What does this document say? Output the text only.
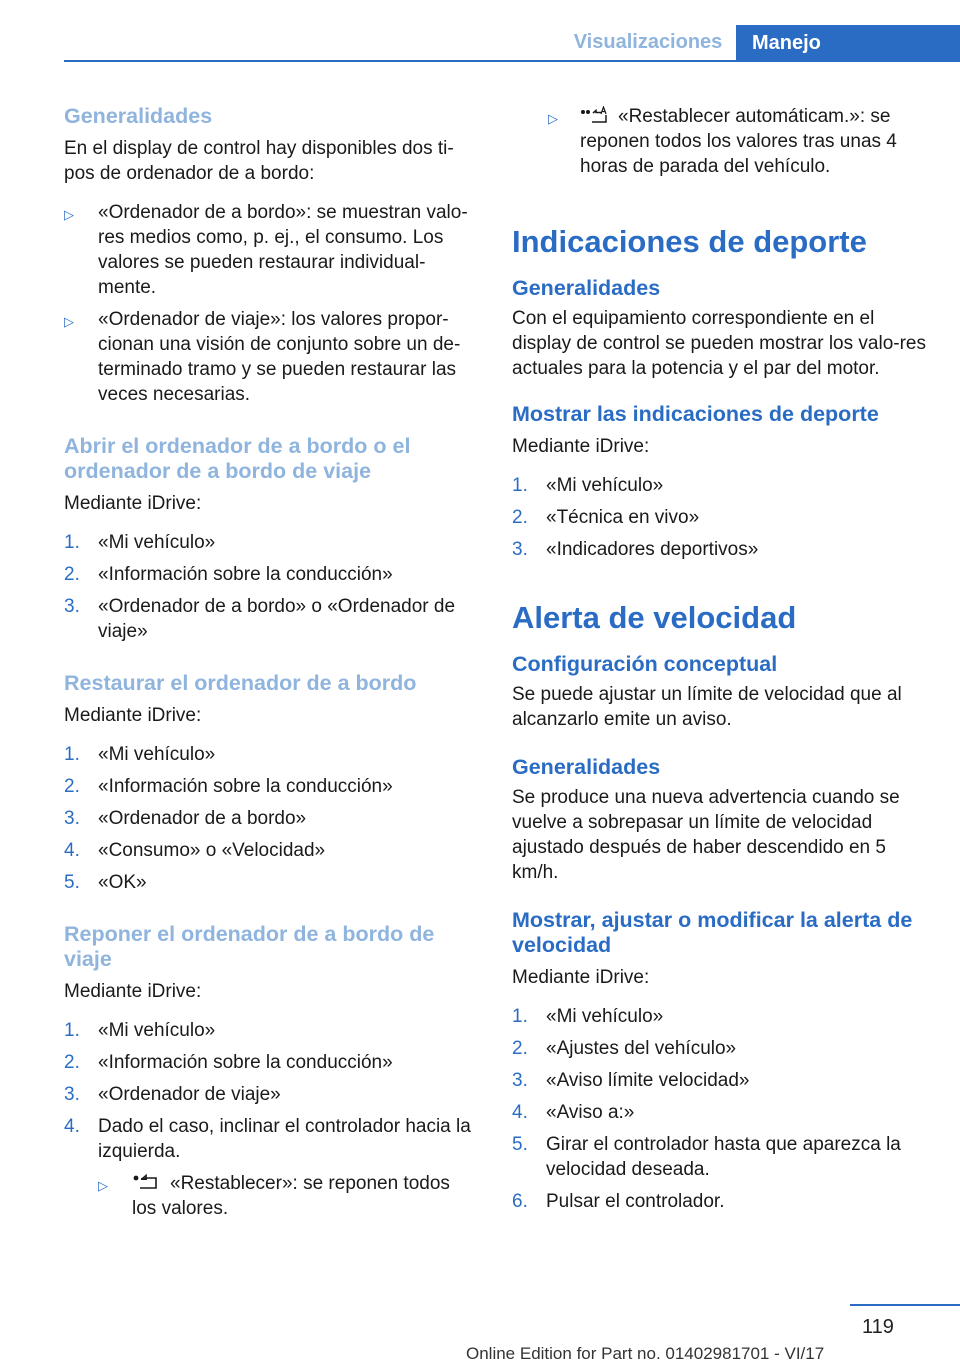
Visualizaciones	Manejo

Generalidades

En el display de control hay disponibles dos ti-pos de ordenador de a bordo:

▷	«Ordenador de a bordo»: se muestran valo-res medios como, p. ej., el consumo. Los valores se pueden restaurar individual-mente.
▷	«Ordenador de viaje»: los valores propor-cionan una visión de conjunto sobre un de-terminado tramo y se pueden restaurar las veces necesarias.

Abrir el ordenador de a bordo o el ordenador de a bordo de viaje

Mediante iDrive:

1. «Mi vehículo»
2. «Información sobre la conducción»
3. «Ordenador de a bordo» o «Ordenador de viaje»

Restaurar el ordenador de a bordo

Mediante iDrive:

1. «Mi vehículo»
2. «Información sobre la conducción»
3. «Ordenador de a bordo»
4. «Consumo» o «Velocidad»
5. «OK»

Reponer el ordenador de a bordo de viaje

Mediante iDrive:

1. «Mi vehículo»
2. «Información sobre la conducción»
3. «Ordenador de viaje»
4. Dado el caso, inclinar el controlador hacia la izquierda.
▷	«Restablecer»: se reponen todos los valores.
▷	«Restablecer automáticam.»: se reponen todos los valores tras unas 4 horas de parada del vehículo.

Indicaciones de deporte

Generalidades

Con el equipamiento correspondiente en el display de control se pueden mostrar los valo-res actuales para la potencia y el par del motor.

Mostrar las indicaciones de deporte

Mediante iDrive:

1. «Mi vehículo»
2. «Técnica en vivo»
3. «Indicadores deportivos»

Alerta de velocidad

Configuración conceptual

Se puede ajustar un límite de velocidad que al alcanzarlo emite un aviso.

Generalidades

Se produce una nueva advertencia cuando se vuelve a sobrepasar un límite de velocidad ajustado después de haber descendido en 5 km/h.

Mostrar, ajustar o modificar la alerta de velocidad

Mediante iDrive:

1. «Mi vehículo»
2. «Ajustes del vehículo»
3. «Aviso límite velocidad»
4. «Aviso a:»
5. Girar el controlador hasta que aparezca la velocidad deseada.
6. Pulsar el controlador.
119
Online Edition for Part no. 01402981701 - VI/17
